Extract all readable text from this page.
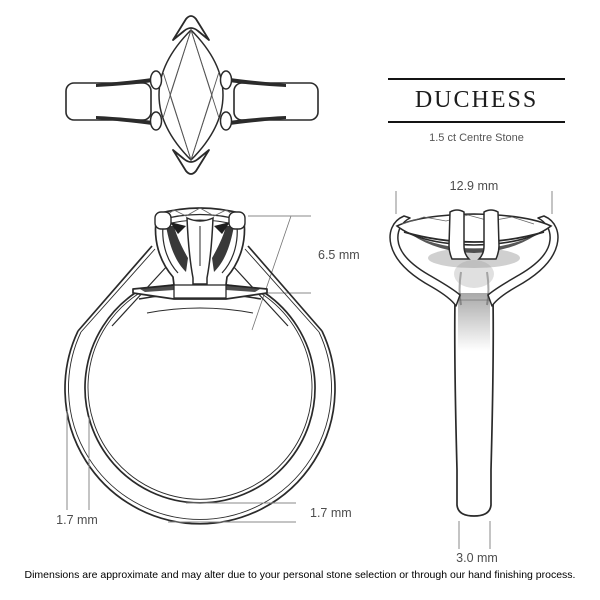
DUCHESS
1.5 ct Centre Stone
6.5 mm
1.7 mm	1.7 mm
12.9 mm
3.0 mm
Dimensions are approximate and may alter due to your personal stone selection or through our hand finishing process.
